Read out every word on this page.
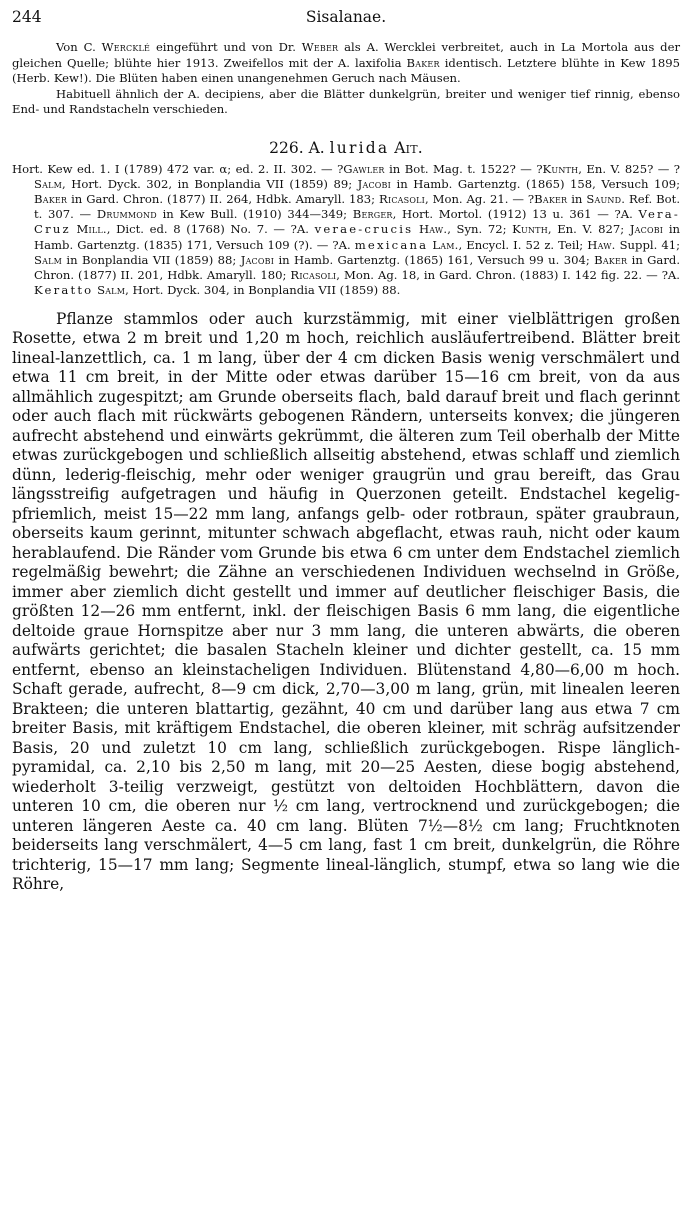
244	Sisalanae.

Von C. Wercklé eingeführt und von Dr. Weber als A. Wercklei verbreitet, auch in La Mortola aus der gleichen Quelle; blühte hier 1913. Zweifellos mit der A. laxifolia Baker identisch. Letztere blühte in Kew 1895 (Herb. Kew!). Die Blüten haben einen unangenehmen Geruch nach Mäusen.

Habituell ähnlich der A. decipiens, aber die Blätter dunkelgrün, breiter und weniger tief rinnig, ebenso End- und Randstacheln verschieden.

226. A. lurida Ait.

Hort. Kew ed. 1. I (1789) 472 var. α; ed. 2. II. 302. — ?Gawler in Bot. Mag. t. 1522? — ?Kunth, En. V. 825? — ?Salm, Hort. Dyck. 302, in Bonplandia VII (1859) 89; Jacobi in Hamb. Gartenztg. (1865) 158, Versuch 109; Baker in Gard. Chron. (1877) II. 264, Hdbk. Amaryll. 183; Ricasoli, Mon. Ag. 21. — ?Baker in Saund. Ref. Bot. t. 307. — Drummond in Kew Bull. (1910) 344—349; Berger, Hort. Mortol. (1912) 13 u. 361 — ?A. Vera-Cruz Mill., Dict. ed. 8 (1768) No. 7. — ?A. verae-crucis Haw., Syn. 72; Kunth, En. V. 827; Jacobi in Hamb. Gartenztg. (1835) 171, Versuch 109 (?). — ?A. mexicana Lam., Encycl. I. 52 z. Teil; Haw. Suppl. 41; Salm in Bonplandia VII (1859) 88; Jacobi in Hamb. Gartenztg. (1865) 161, Versuch 99 u. 304; Baker in Gard. Chron. (1877) II. 201, Hdbk. Amaryll. 180; Ricasoli, Mon. Ag. 18, in Gard. Chron. (1883) I. 142 fig. 22. — ?A. Keratto Salm, Hort. Dyck. 304, in Bonplandia VII (1859) 88.

Pflanze stammlos oder auch kurzstämmig, mit einer vielblättrigen großen Rosette, etwa 2 m breit und 1,20 m hoch, reichlich ausläufertreibend. Blätter breit lineal-lanzettlich, ca. 1 m lang, über der 4 cm dicken Basis wenig verschmälert und etwa 11 cm breit, in der Mitte oder etwas darüber 15—16 cm breit, von da aus allmählich zugespitzt; am Grunde oberseits flach, bald darauf breit und flach gerinnt oder auch flach mit rückwärts gebogenen Rändern, unterseits konvex; die jüngeren aufrecht abstehend und einwärts gekrümmt, die älteren zum Teil oberhalb der Mitte etwas zurückgebogen und schließlich allseitig abstehend, etwas schlaff und ziemlich dünn, lederig-fleischig, mehr oder weniger graugrün und grau bereift, das Grau längsstreifig aufgetragen und häufig in Querzonen geteilt. Endstachel kegelig-pfriemlich, meist 15—22 mm lang, anfangs gelb- oder rotbraun, später graubraun, oberseits kaum gerinnt, mitunter schwach abgeflacht, etwas rauh, nicht oder kaum herablaufend. Die Ränder vom Grunde bis etwa 6 cm unter dem Endstachel ziemlich regelmäßig bewehrt; die Zähne an verschiedenen Individuen wechselnd in Größe, immer aber ziemlich dicht gestellt und immer auf deutlicher fleischiger Basis, die größten 12—26 mm entfernt, inkl. der fleischigen Basis 6 mm lang, die eigentliche deltoide graue Hornspitze aber nur 3 mm lang, die unteren abwärts, die oberen aufwärts gerichtet; die basalen Stacheln kleiner und dichter gestellt, ca. 15 mm entfernt, ebenso an kleinstacheligen Individuen. Blütenstand 4,80—6,00 m hoch. Schaft gerade, aufrecht, 8—9 cm dick, 2,70—3,00 m lang, grün, mit linealen leeren Brakteen; die unteren blattartig, gezähnt, 40 cm und darüber lang aus etwa 7 cm breiter Basis, mit kräftigem Endstachel, die oberen kleiner, mit schräg aufsitzender Basis, 20 und zuletzt 10 cm lang, schließlich zurückgebogen. Rispe länglich-pyramidal, ca. 2,10 bis 2,50 m lang, mit 20—25 Aesten, diese bogig abstehend, wiederholt 3-teilig verzweigt, gestützt von deltoiden Hochblättern, davon die unteren 10 cm, die oberen nur ½ cm lang, vertrocknend und zurückgebogen; die unteren längeren Aeste ca. 40 cm lang. Blüten 7½—8½ cm lang; Fruchtknoten beiderseits lang verschmälert, 4—5 cm lang, fast 1 cm breit, dunkelgrün, die Röhre trichterig, 15—17 mm lang; Segmente lineal-länglich, stumpf, etwa so lang wie die Röhre,
